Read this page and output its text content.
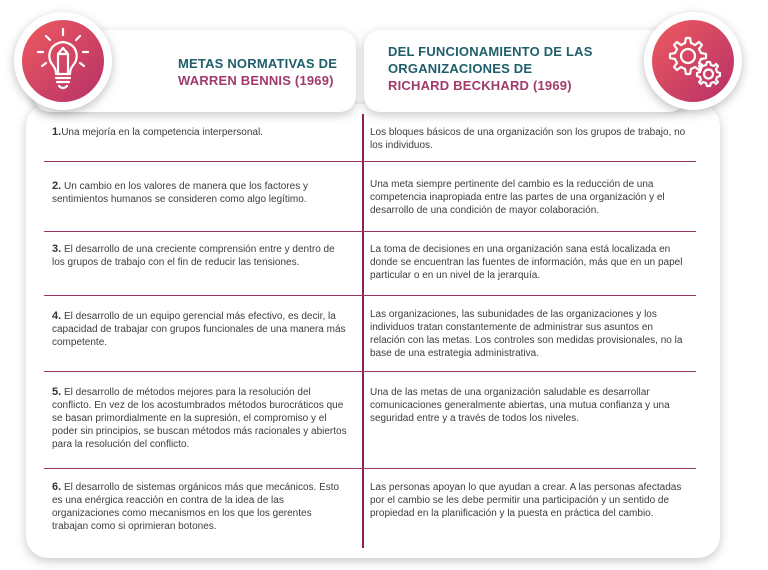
METAS NORMATIVAS DE
WARREN BENNIS (1969)
DEL FUNCIONAMIENTO DE LAS
ORGANIZACIONES DE
RICHARD BECKHARD (1969)
1.Una mejoría en la competencia interpersonal.	Los bloques básicos de una organización son los grupos de trabajo, no los individuos.
2. Un cambio en los valores de manera que los factores y sentimientos humanos se consideren como algo legítimo.
Una meta siempre pertinente del cambio es la reducción de una competencia inapropiada entre las partes de una organización y el desarrollo de una condición de mayor colaboración.
3. El desarrollo de una creciente comprensión entre y dentro de los grupos de trabajo con el fin de reducir las tensiones.
La toma de decisiones en una organización sana está localizada en donde se encuentran las fuentes de información, más que en un papel particular o en un nivel de la jerarquía.
4. El desarrollo de un equipo gerencial más efectivo, es decir, la capacidad de trabajar con grupos funcionales de una manera más competente.
Las organizaciones, las subunidades de las organizaciones y los individuos tratan constantemente de administrar sus asuntos en relación con las metas. Los controles son medidas provisionales, no la base de una estrategia administrativa.
5. El desarrollo de métodos mejores para la resolución del conflicto. En vez de los acostumbrados métodos burocráticos que se basan primordialmente en la supresión, el compromiso y el poder sin principios, se buscan métodos más racionales y abiertos para la resolución del conflicto.
Una de las metas de una organización saludable es desarrollar comunicaciones generalmente abiertas, una mutua confianza y una seguridad entre y a través de todos los niveles.
6. El desarrollo de sistemas orgánicos más que mecánicos. Esto es una enérgica reacción en contra de la idea de las organizaciones como mecanismos en los que los gerentes trabajan como si oprimieran botones.
Las personas apoyan lo que ayudan a crear. A las personas afectadas por el cambio se les debe permitir una participación y un sentido de propiedad en la planificación y la puesta en práctica del cambio.
